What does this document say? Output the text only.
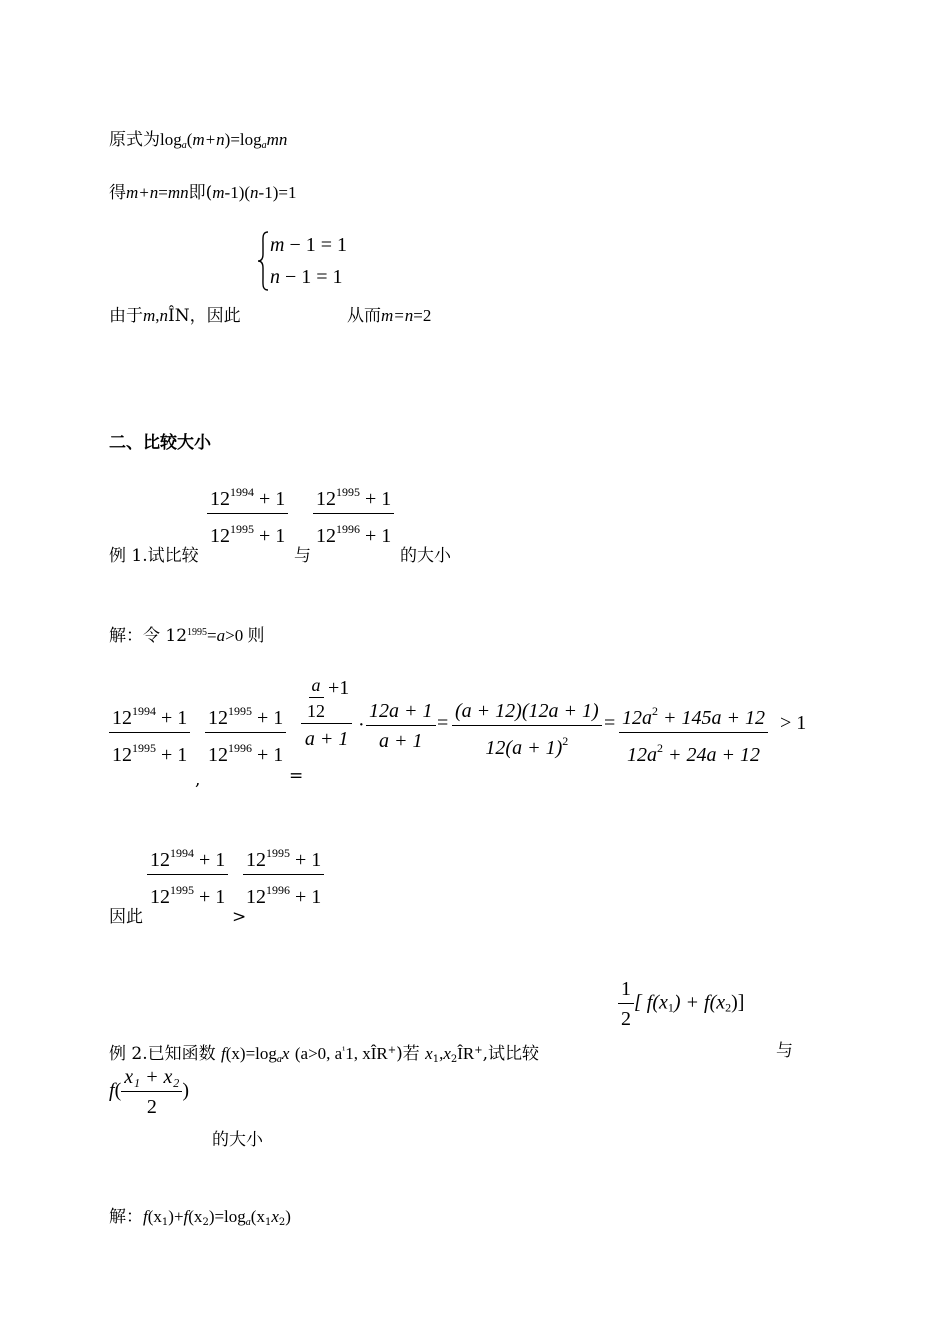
原式为$\log_a(m+n)=\log_amn$
得m+n=mn即(m-1)(n-1)=1
m − 1 = 1
n − 1 = 1
由于m,nÎN，因此	从而m=n=2
二、比较大小
$\frac{12^{1994} + 1}{12^{1995} + 1} \frac{12^{1995} + 1}{12^{1996} + 1}$
例 1.试比较	与	的大小
解：令 $12^{1995}=a>0$ 则
$\frac{12^{1994} + 1}{12^{1995} + 1} \frac{12^{1995} + 1}{12^{1996} + 1} \frac{\frac{a}{12} +1}{a + 1} \cdot \frac{12a + 1}{a + 1} = \frac{(a + 12)(12a + 1)}{12(a + 1)^2} = \frac{12a^2 + 145a + 12}{12a^2 + 24a + 12} > 1$
,	=
$\frac{12^{1994} + 1}{12^{1995} + 1} \frac{12^{1995} + 1}{12^{1996} + 1}$
因此	>
$\frac{1}{2}$ [ $f(x_1) + f(x_2)$]
例 2.已知函数 $f(x)=\log_ax$ (a>0, $a^{^1}1$, xÎR+)若 $x_1,x_2ÎR^+$,试比较	与
$f( \frac{\text{x₁ + x₂}}{2}$ )
的大小
解：$f(x_1)+f(x_2)=\log_a(x_1x_2)$
